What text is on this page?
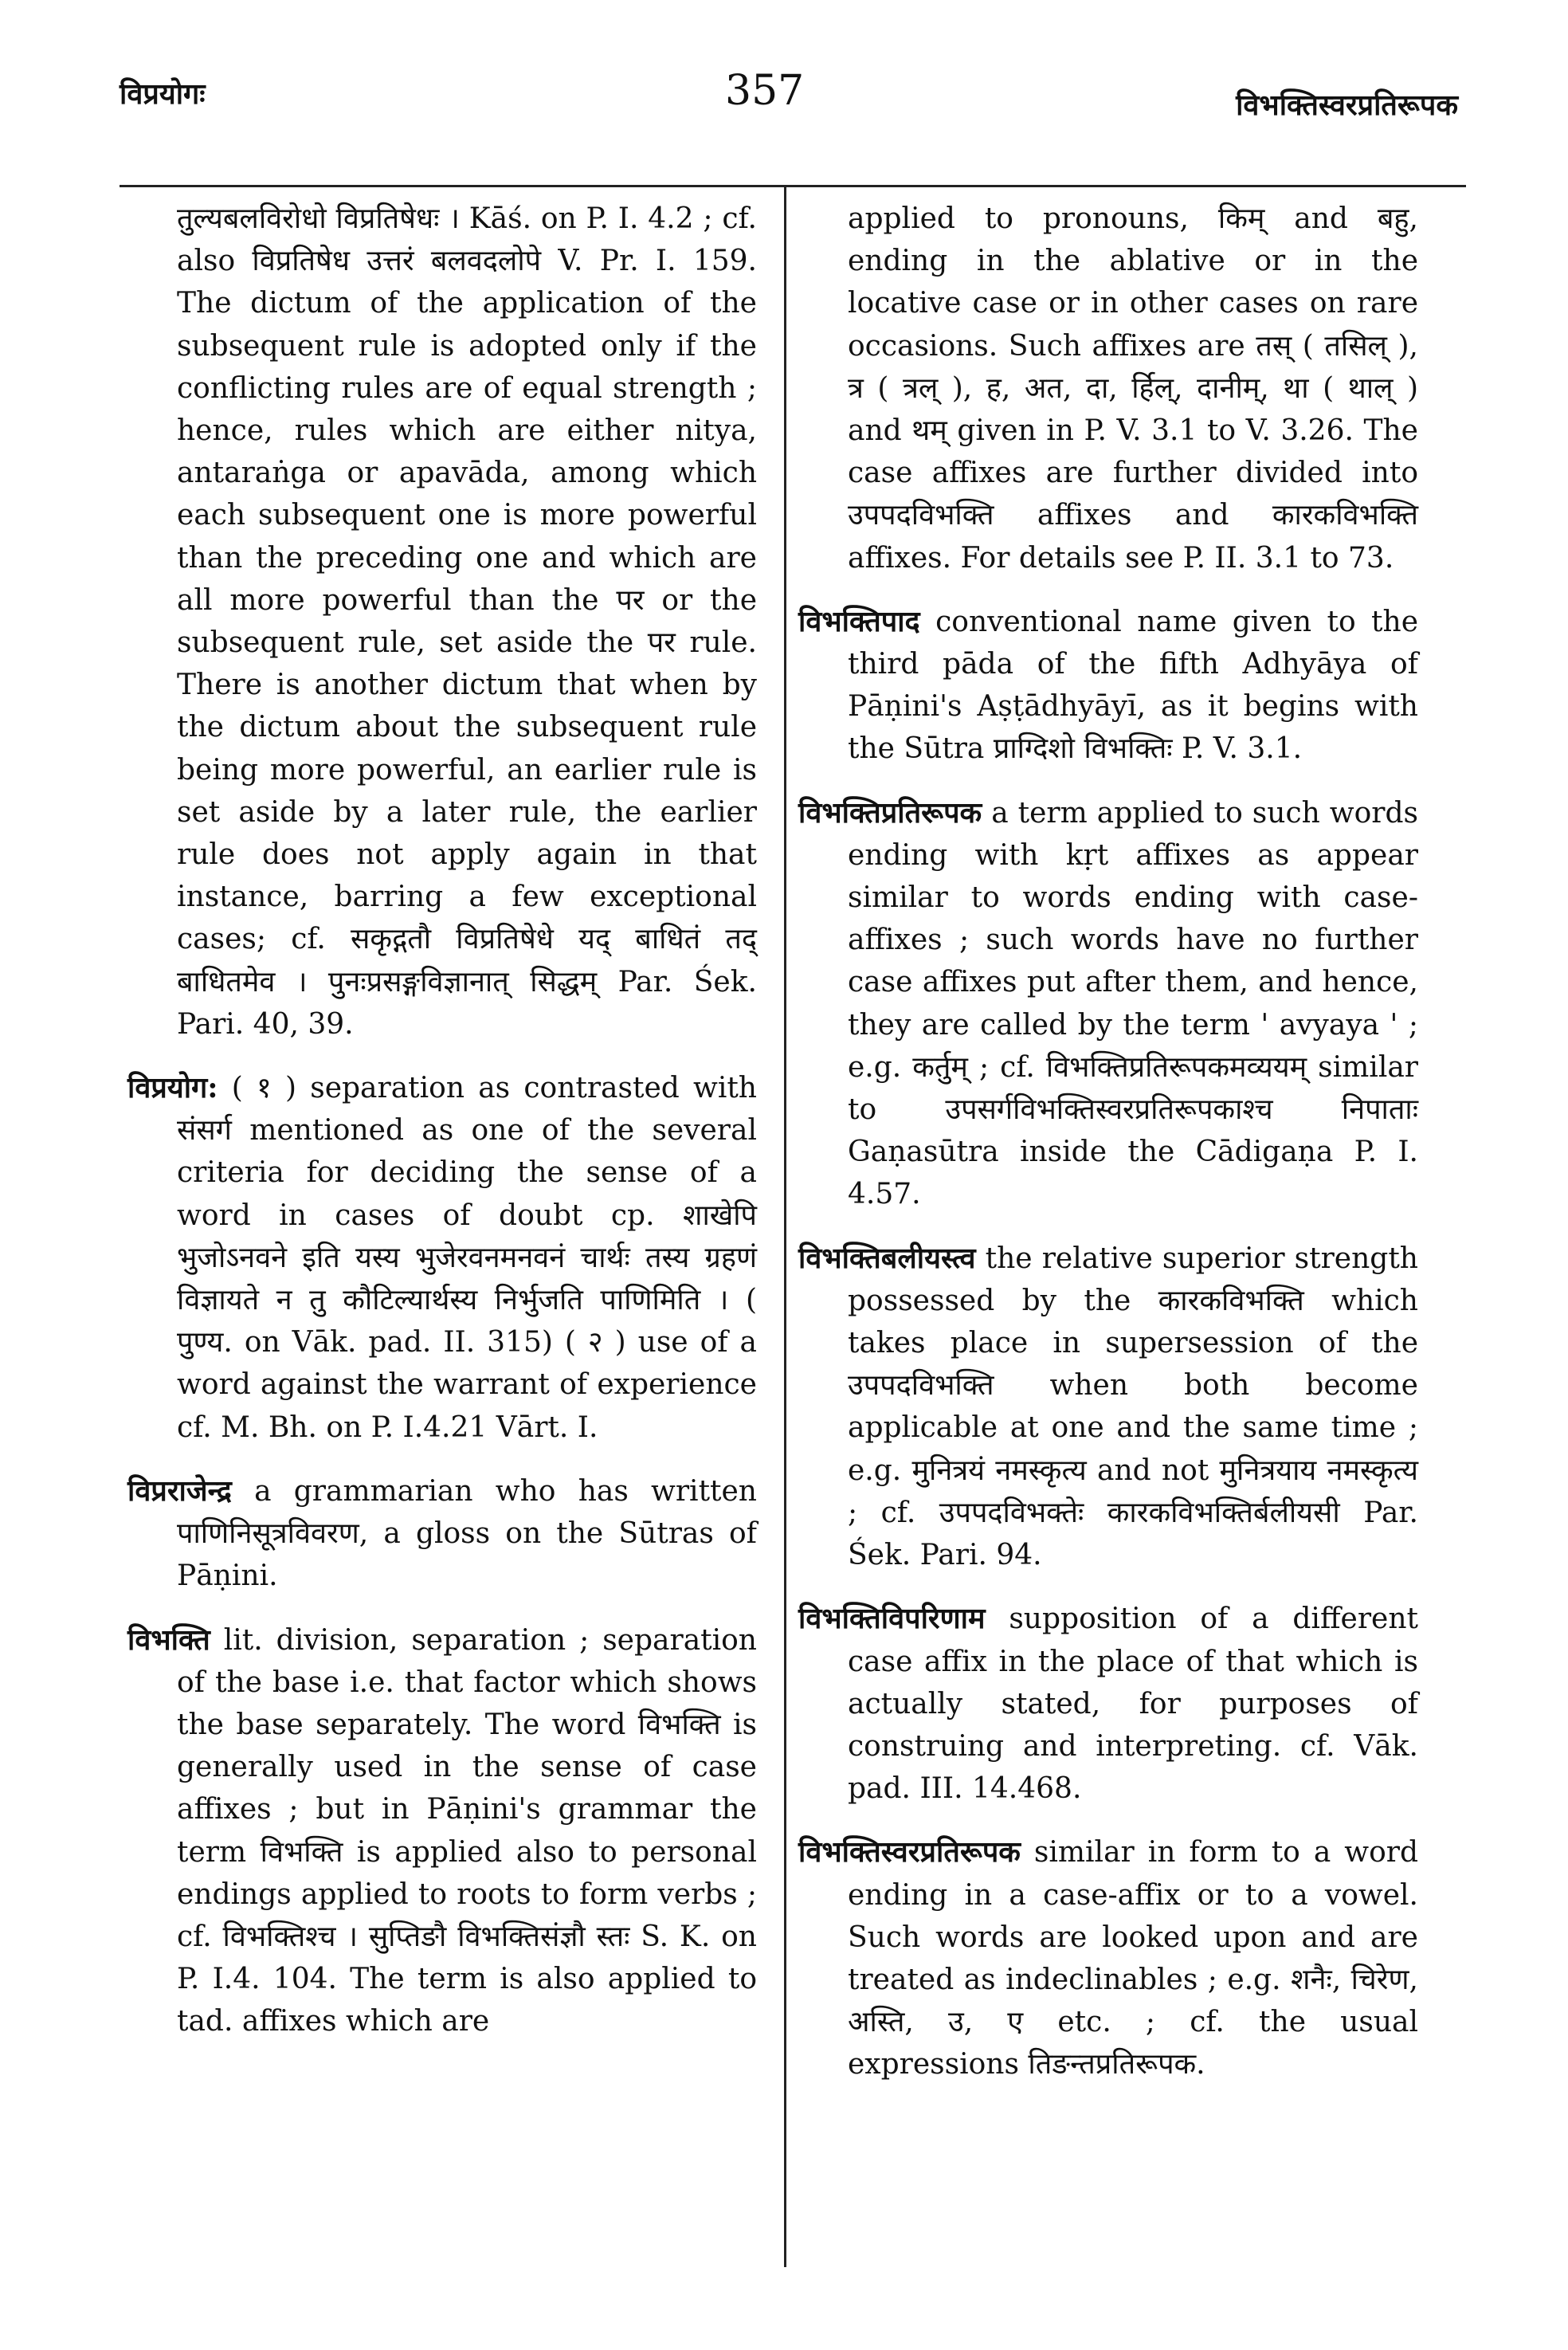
विप्रयोगः	357	विभक्तिस्वरप्रतिरूपक

तुल्यबलविरोधो विप्रतिषेधः । Kāś. on P. I. 4.2 ; cf. also विप्रतिषेध उत्तरं बलवदलोपे V. Pr. I. 159. The dictum of the application of the subsequent rule is adopted only if the conflicting rules are of equal strength ; hence, rules which are either nitya, antaraṅga or apavāda, among which each subsequent one is more powerful than the preceding one and which are all more powerful than the पर or the subsequent rule, set aside the पर rule. There is another dictum that when by the dictum about the subsequent rule being more powerful, an earlier rule is set aside by a later rule, the earlier rule does not apply again in that instance, barring a few exceptional cases; cf. सकृद्गतौ विप्रतिषेधे यद् बाधितं तद् बाधितमेव । पुनःप्रसङ्गविज्ञानात् सिद्धम् Par. Śek. Pari. 40, 39.

विप्रयोग: ( १ ) separation as contrasted with संसर्ग mentioned as one of the several criteria for deciding the sense of a word in cases of doubt cp. शाखेपि भुजोऽनवने इति यस्य भुजेरवनमनवनं चार्थः तस्य ग्रहणं विज्ञायते न तु कौटिल्यार्थस्य निर्भुजति पाणिमिति । ( पुण्य. on Vāk. pad. II. 315) ( २ ) use of a word against the warrant of experience cf. M. Bh. on P. I.4.21 Vārt. I.

विप्रराजेन्द्र a grammarian who has written पाणिनिसूत्रविवरण, a gloss on the Sūtras of Pāṇini.

विभक्ति lit. division, separation ; separation of the base i.e. that factor which shows the base separately. The word विभक्ति is generally used in the sense of case affixes ; but in Pāṇini's grammar the term विभक्ति is applied also to personal endings applied to roots to form verbs ; cf. विभक्तिश्च । सुप्तिङौ विभक्तिसंज्ञौ स्तः S. K. on P. I.4. 104. The term is also applied to tad. affixes which are

applied to pronouns, किम् and बहु, ending in the ablative or in the locative case or in other cases on rare occasions. Such affixes are तस् ( तसिल् ), त्र ( त्रल् ), ह, अत, दा, र्हिल्, दानीम्, था ( थाल् ) and थम् given in P. V. 3.1 to V. 3.26. The case affixes are further divided into उपपदविभक्ति affixes and कारकविभक्ति affixes. For details see P. II. 3.1 to 73.

विभक्तिपाद conventional name given to the third pāda of the fifth Adhyāya of Pāṇini's Aṣṭādhyāyī, as it begins with the Sūtra प्राग्दिशो विभक्तिः P. V. 3.1.

विभक्तिप्रतिरूपक a term applied to such words ending with kṛt affixes as appear similar to words ending with case-affixes ; such words have no further case affixes put after them, and hence, they are called by the term ' avyaya ' ; e.g. कर्तुम् ; cf. विभक्तिप्रतिरूपकमव्ययम् similar to उपसर्गविभक्तिस्वरप्रतिरूपकाश्च निपाताः Gaṇasūtra inside the Cādigaṇa P. I. 4.57.

विभक्तिबलीयस्त्व the relative superior strength possessed by the कारकविभक्ति which takes place in supersession of the उपपदविभक्ति when both become applicable at one and the same time ; e.g. मुनित्रयं नमस्कृत्य and not मुनित्रयाय नमस्कृत्य ; cf. उपपदविभक्तेः कारकविभक्तिर्बलीयसी Par. Śek. Pari. 94.

विभक्तिविपरिणाम supposition of a different case affix in the place of that which is actually stated, for purposes of construing and interpreting. cf. Vāk. pad. III. 14.468.

विभक्तिस्वरप्रतिरूपक similar in form to a word ending in a case-affix or to a vowel. Such words are looked upon and are treated as indeclinables ; e.g. शनैः, चिरेण, अस्ति, उ, ए etc. ; cf. the usual expressions तिङन्तप्रतिरूपक.
